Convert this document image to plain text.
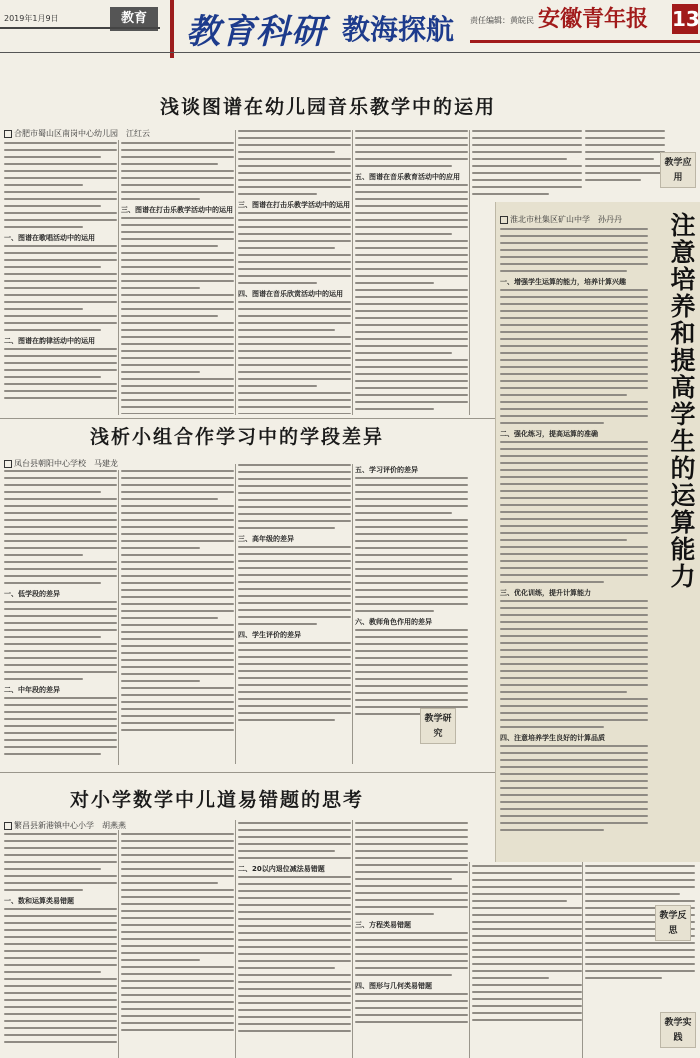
2019年1月9日	教育	教育科研 教海探航 责任编辑：黄皖民 安徽青年报	13
浅谈图谱在幼儿园音乐教学中的运用
合肥市蜀山区南岗中心幼儿园　江红云
一、图谱在歌唱活动中的运用
二、图谱在韵律活动中的运用
三、图谱在打击乐教学活动中的运用
三、图谱在打击乐教学活动中的运用
四、图谱在音乐欣赏活动中的运用
五、图谱在音乐教育活动中的应用
教学应用
浅析小组合作学习中的学段差异
凤台县朝阳中心学校　马建龙
一、低学段的差异
二、中年段的差异
三、高年级的差异
四、学生评价的差异
五、学习评价的差异
六、教师角色作用的差异
教学研究
对小学数学中儿道易错题的思考
繁昌县新港镇中心小学　胡燕燕
一、数和运算类易错题
二、20以内退位减法易错题
三、方程类易错题
四、图形与几何类易错题
教学实践
注意培养和提高学生的运算能力
淮北市杜集区矿山中学　孙丹丹
一、增强学生运算的能力，培养计算兴趣
二、强化练习，提高运算的准确
三、优化训练，提升计算能力
四、注意培养学生良好的计算品质
教学反思
